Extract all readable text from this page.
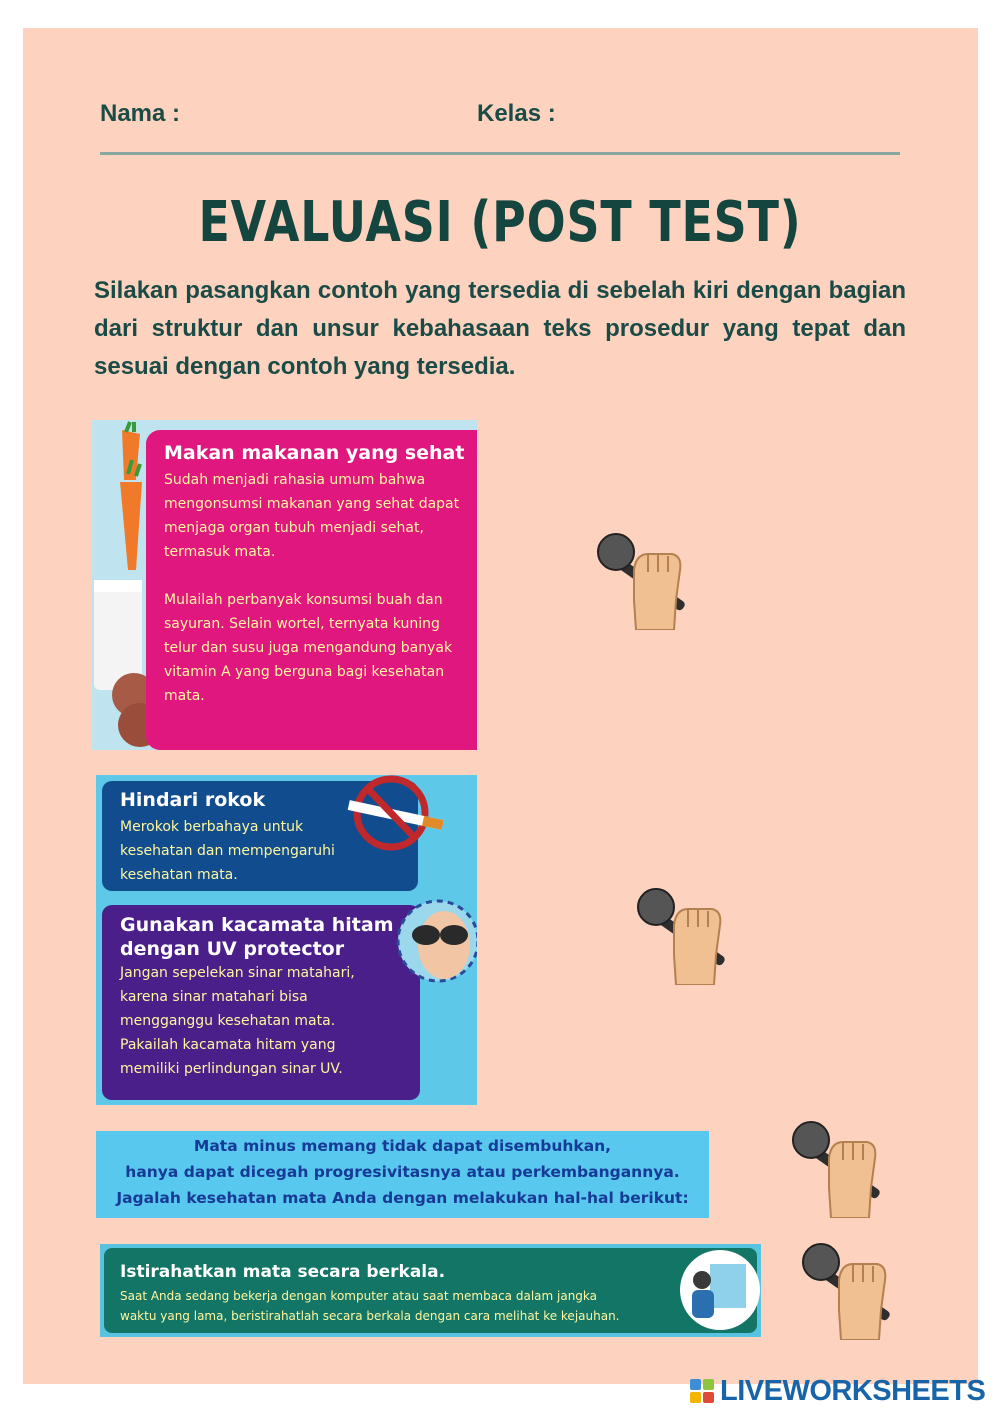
Nama :	Kelas :
EVALUASI (POST TEST)
Silakan pasangkan contoh yang tersedia di sebelah kiri dengan bagian dari struktur dan unsur kebahasaan teks prosedur yang tepat dan sesuai dengan contoh yang tersedia.
Makan makanan yang sehat
Sudah menjadi rahasia umum bahwa
mengonsumsi makanan yang sehat dapat
menjaga organ tubuh menjadi sehat,
termasuk mata.
Mulailah perbanyak konsumsi buah dan
sayuran. Selain wortel, ternyata kuning
telur dan susu juga mengandung banyak
vitamin A yang berguna bagi kesehatan
mata.
Hindari rokok
Merokok berbahaya untuk
kesehatan dan mempengaruhi
kesehatan mata.
Gunakan kacamata hitam
dengan UV protector
Jangan sepelekan sinar matahari,
karena sinar matahari bisa
mengganggu kesehatan mata.
Pakailah kacamata hitam yang
memiliki perlindungan sinar UV.
Mata minus memang tidak dapat disembuhkan,
hanya dapat dicegah progresivitasnya atau perkembangannya.
Jagalah kesehatan mata Anda dengan melakukan hal-hal berikut:
Istirahatkan mata secara berkala.
Saat Anda sedang bekerja dengan komputer atau saat membaca dalam jangka
waktu yang lama, beristirahatlah secara berkala dengan cara melihat ke kejauhan.
LIVEWORKSHEETS
